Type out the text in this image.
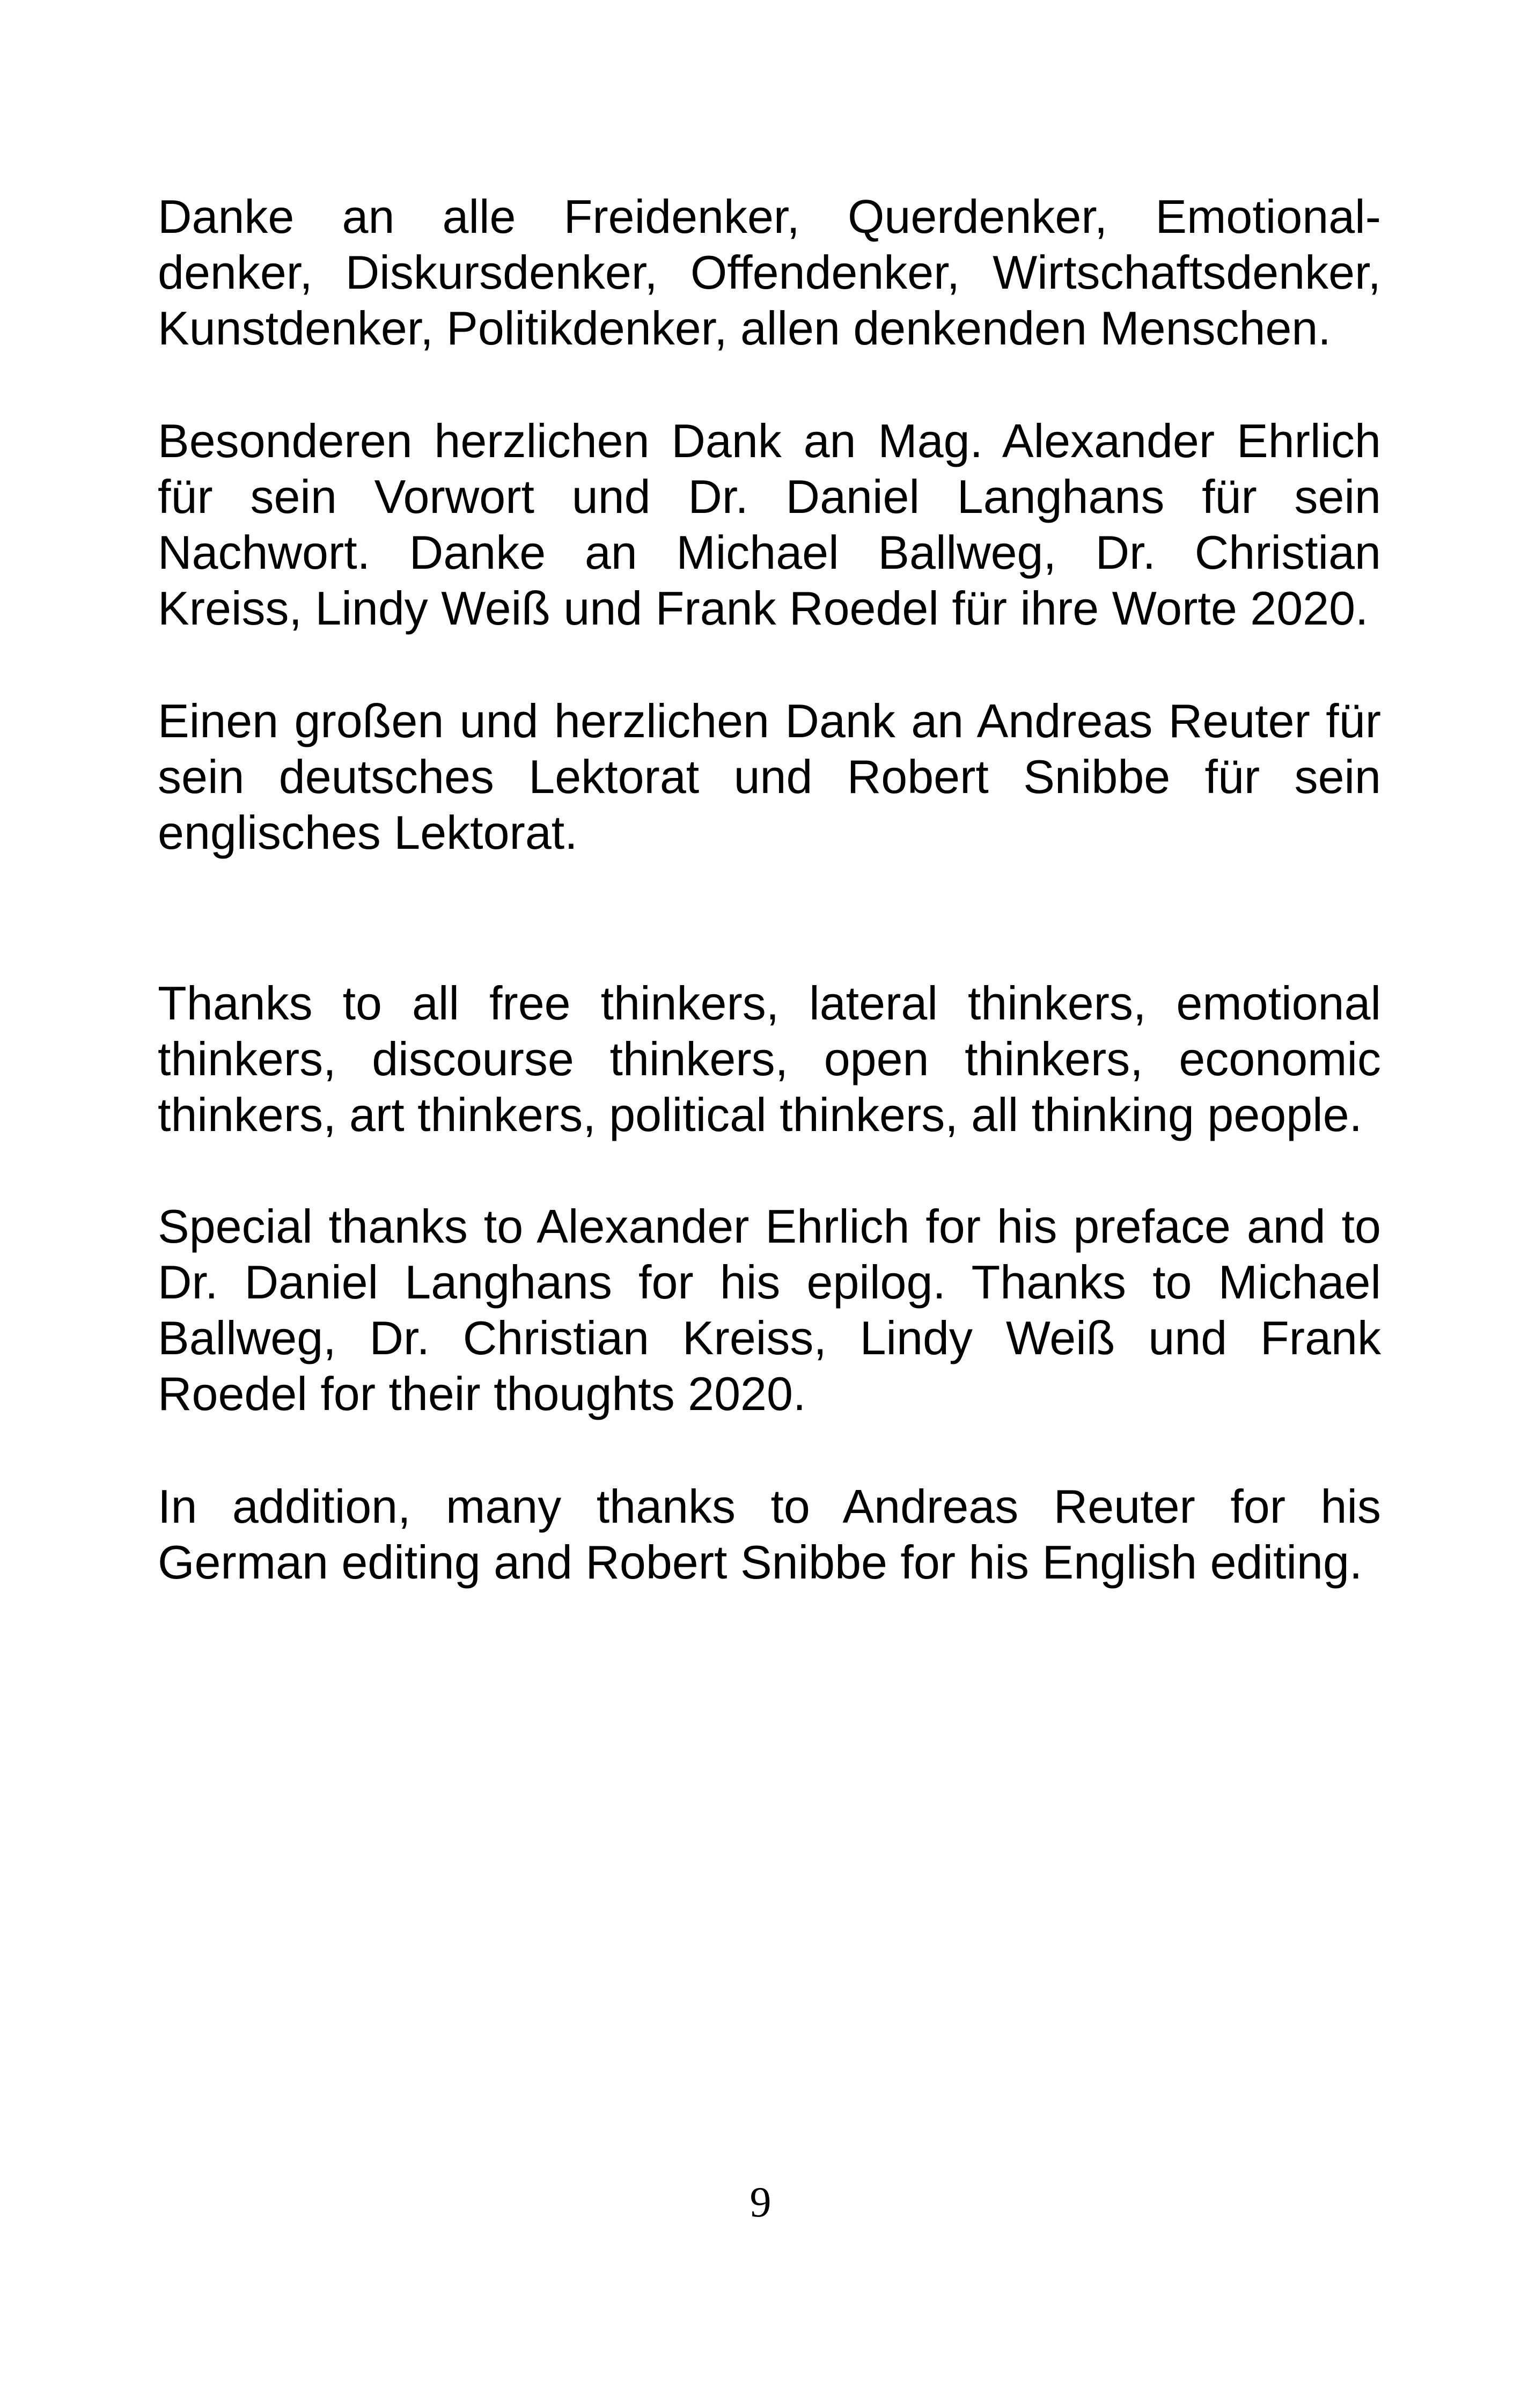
Danke an alle Freidenker, Querdenker, Emotional-
denker, Diskursdenker, Offendenker, Wirtschaftsdenker,
Kunstdenker, Politikdenker, allen denkenden Menschen.
Besonderen herzlichen Dank an Mag. Alexander Ehrlich
für sein Vorwort und Dr. Daniel Langhans für sein
Nachwort. Danke an Michael Ballweg, Dr. Christian
Kreiss, Lindy Weiß und Frank Roedel für ihre Worte 2020.
Einen großen und herzlichen Dank an Andreas Reuter für
sein deutsches Lektorat und Robert Snibbe für sein
englisches Lektorat.
Thanks to all free thinkers, lateral thinkers, emotional
thinkers, discourse thinkers, open thinkers, economic
thinkers, art thinkers, political thinkers, all thinking people.
Special thanks to Alexander Ehrlich for his preface and to
Dr. Daniel Langhans for his epilog. Thanks to Michael
Ballweg, Dr. Christian Kreiss, Lindy Weiß und Frank
Roedel for their thoughts 2020.
In addition, many thanks to Andreas Reuter for his
German editing and Robert Snibbe for his English editing.
9
